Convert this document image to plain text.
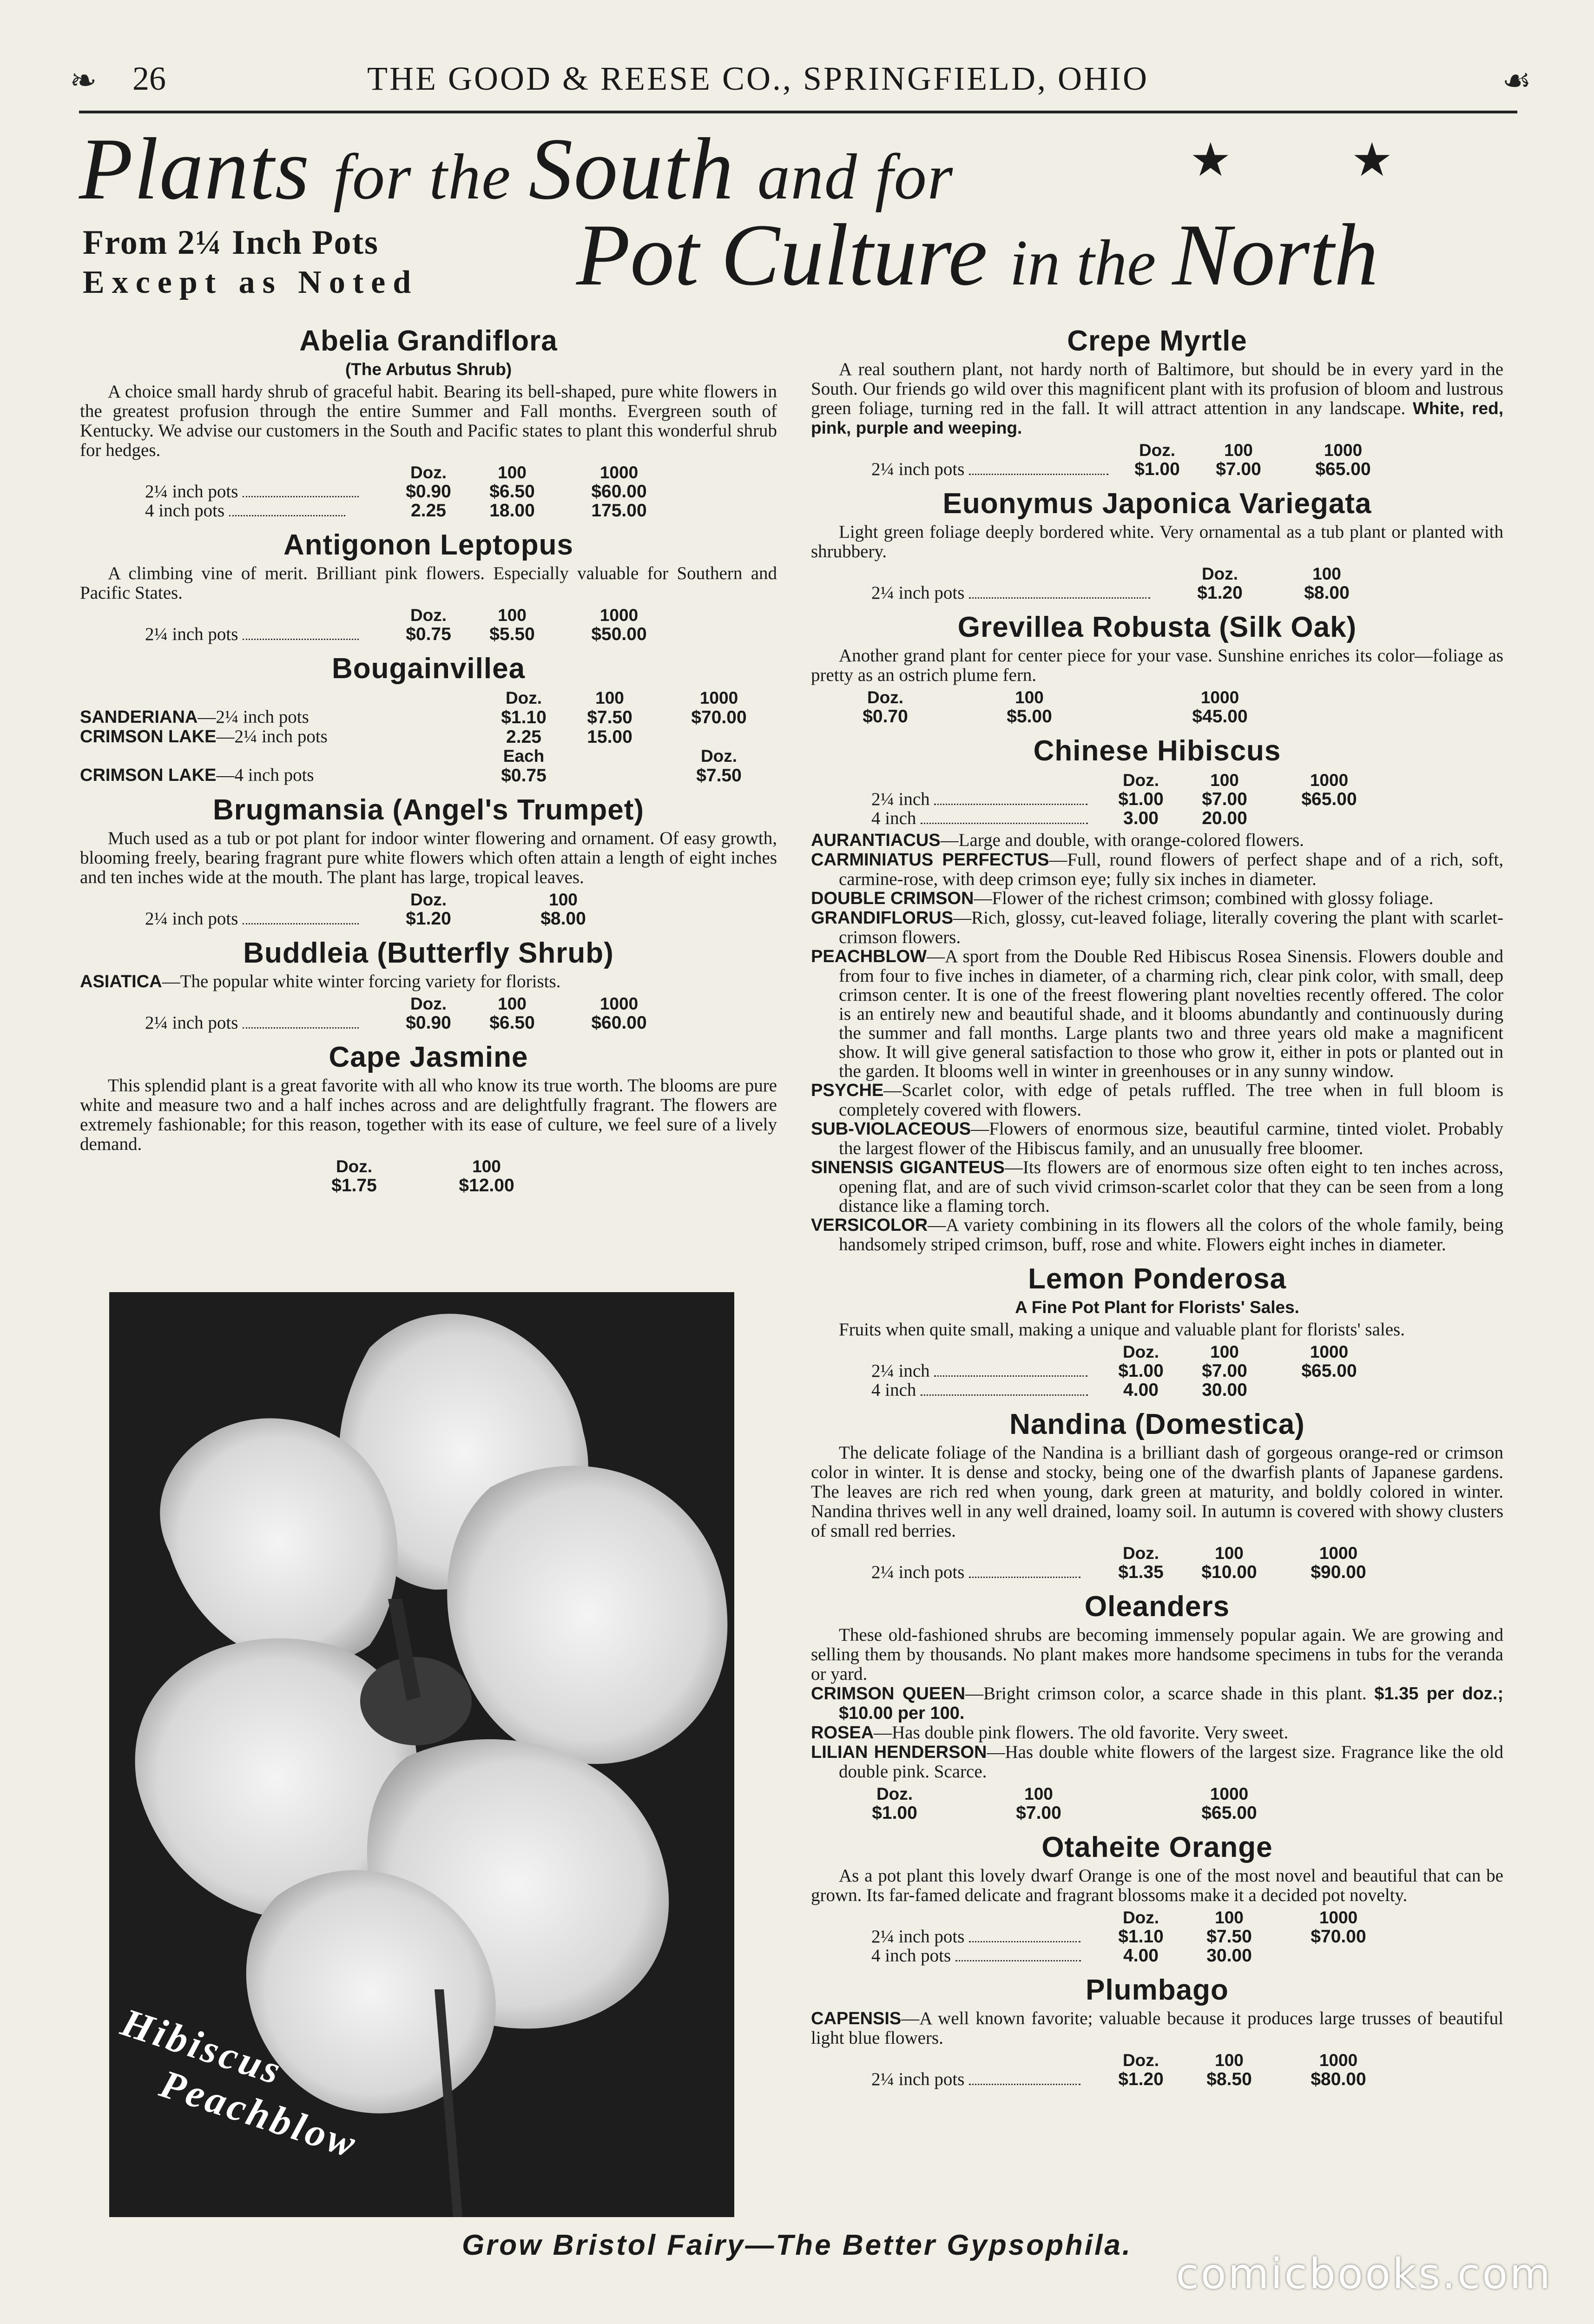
❧ 26	THE GOOD & REESE CO., SPRINGFIELD, OHIO	☙
Plants for the South and for	★ ★
From 2¼ Inch Pots
Except as Noted Pot Culture in the North
Abelia Grandiflora
(The Arbutus Shrub)

A choice small hardy shrub of graceful habit. Bearing its bell-shaped, pure white flowers in the greatest profusion through the entire Summer and Fall months. Evergreen south of Kentucky. We advise our customers in the South and Pacific states to plant this wonderful shrub for hedges.

	Doz.	100	1000
2¼ inch pots	$0.90	$6.50	$60.00
4 inch pots	2.25	18.00	175.00
Antigonon Leptopus

A climbing vine of merit. Brilliant pink flowers. Especially valuable for Southern and Pacific States.

	Doz.	100	1000
2¼ inch pots	$0.75	$5.50	$50.00
Bougainvillea
	Doz.	100	1000
SANDERIANA—2¼ inch pots	$1.10	$7.50	$70.00
CRIMSON LAKE—2¼ inch pots	2.25	15.00	
	Each		Doz.
CRIMSON LAKE—4 inch pots	$0.75		$7.50
Brugmansia (Angel's Trumpet)

Much used as a tub or pot plant for indoor winter flowering and ornament. Of easy growth, blooming freely, bearing fragrant pure white flowers which often attain a length of eight inches and ten inches wide at the mouth. The plant has large, tropical leaves.

	Doz.	100
2¼ inch pots	$1.20	$8.00
Buddleia (Butterfly Shrub)

ASIATICA—The popular white winter forcing variety for florists.

	Doz.	100	1000
2¼ inch pots	$0.90	$6.50	$60.00
Cape Jasmine

This splendid plant is a great favorite with all who know its true worth. The blooms are pure white and measure two and a half inches across and are delightfully fragrant. The flowers are extremely fashionable; for this reason, together with its ease of culture, we feel sure of a lively demand.

Doz.	100
$1.75	$12.00
Hibiscus
Peachblow
Crepe Myrtle

A real southern plant, not hardy north of Baltimore, but should be in every yard in the South. Our friends go wild over this magnificent plant with its profusion of bloom and lustrous green foliage, turning red in the fall. It will attract attention in any landscape. White, red, pink, purple and weeping.

	Doz.	100	1000
2¼ inch pots	$1.00	$7.00	$65.00
Euonymus Japonica Variegata

Light green foliage deeply bordered white. Very ornamental as a tub plant or planted with shrubbery.

	Doz.	100
2¼ inch pots	$1.20	$8.00
Grevillea Robusta (Silk Oak)

Another grand plant for center piece for your vase. Sunshine enriches its color—foliage as pretty as an ostrich plume fern.

Doz.	100	1000
$0.70	$5.00	$45.00
Chinese Hibiscus
	Doz.	100	1000
2¼ inch	$1.00	$7.00	$65.00
4 inch	3.00	20.00	

AURANTIACUS—Large and double, with orange-colored flowers.

CARMINIATUS PERFECTUS—Full, round flowers of perfect shape and of a rich, soft, carmine-rose, with deep crimson eye; fully six inches in diameter.

DOUBLE CRIMSON—Flower of the richest crimson; combined with glossy foliage.

GRANDIFLORUS—Rich, glossy, cut-leaved foliage, literally covering the plant with scarlet-crimson flowers.

PEACHBLOW—A sport from the Double Red Hibiscus Rosea Sinensis. Flowers double and from four to five inches in diameter, of a charming rich, clear pink color, with small, deep crimson center. It is one of the freest flowering plant novelties recently offered. The color is an entirely new and beautiful shade, and it blooms abundantly and continuously during the summer and fall months. Large plants two and three years old make a magnificent show. It will give general satisfaction to those who grow it, either in pots or planted out in the garden. It blooms well in winter in greenhouses or in any sunny window.

PSYCHE—Scarlet color, with edge of petals ruffled. The tree when in full bloom is completely covered with flowers.

SUB-VIOLACEOUS—Flowers of enormous size, beautiful carmine, tinted violet. Probably the largest flower of the Hibiscus family, and an unusually free bloomer.

SINENSIS GIGANTEUS—Its flowers are of enormous size often eight to ten inches across, opening flat, and are of such vivid crimson-scarlet color that they can be seen from a long distance like a flaming torch.

VERSICOLOR—A variety combining in its flowers all the colors of the whole family, being handsomely striped crimson, buff, rose and white. Flowers eight inches in diameter.

Lemon Ponderosa
A Fine Pot Plant for Florists' Sales.

Fruits when quite small, making a unique and valuable plant for florists' sales.

	Doz.	100	1000
2¼ inch	$1.00	$7.00	$65.00
4 inch	4.00	30.00	
Nandina (Domestica)

The delicate foliage of the Nandina is a brilliant dash of gorgeous orange-red or crimson color in winter. It is dense and stocky, being one of the dwarfish plants of Japanese gardens. The leaves are rich red when young, dark green at maturity, and boldly colored in winter. Nandina thrives well in any well drained, loamy soil. In autumn is covered with showy clusters of small red berries.

	Doz.	100	1000
2¼ inch pots	$1.35	$10.00	$90.00
Oleanders

These old-fashioned shrubs are becoming immensely popular again. We are growing and selling them by thousands. No plant makes more handsome specimens in tubs for the veranda or yard.

CRIMSON QUEEN—Bright crimson color, a scarce shade in this plant. $1.35 per doz.; $10.00 per 100.

ROSEA—Has double pink flowers. The old favorite. Very sweet.

LILIAN HENDERSON—Has double white flowers of the largest size. Fragrance like the old double pink. Scarce.

Doz.	100	1000
$1.00	$7.00	$65.00
Otaheite Orange

As a pot plant this lovely dwarf Orange is one of the most novel and beautiful that can be grown. Its far-famed delicate and fragrant blossoms make it a decided pot novelty.

	Doz.	100	1000
2¼ inch pots	$1.10	$7.50	$70.00
4 inch pots	4.00	30.00	
Plumbago

CAPENSIS—A well known favorite; valuable because it produces large trusses of beautiful light blue flowers.

	Doz.	100	1000
2¼ inch pots	$1.20	$8.50	$80.00
Grow Bristol Fairy—The Better Gypsophila.
comicbooks.com
